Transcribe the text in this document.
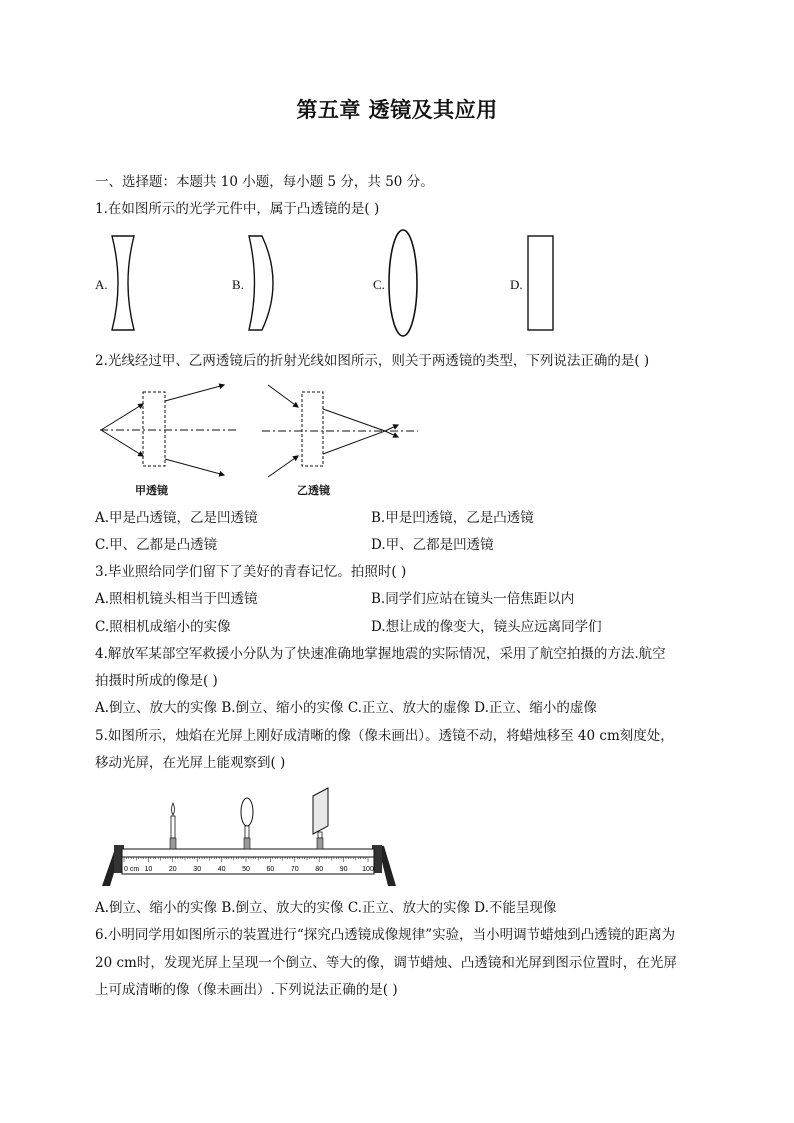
第五章 透镜及其应用
一、选择题：本题共 10 小题，每小题 5 分，共 50 分。
1.在如图所示的光学元件中，属于凸透镜的是( )
A.	B.	C.	D.
2.光线经过甲、乙两透镜后的折射光线如图所示，则关于两透镜的类型，下列说法正确的是( )
甲透镜	乙透镜
A.甲是凸透镜，乙是凹透镜	B.甲是凹透镜，乙是凸透镜
C.甲、乙都是凸透镜	D.甲、乙都是凹透镜
3.毕业照给同学们留下了美好的青春记忆。拍照时( )
A.照相机镜头相当于凹透镜	B.同学们应站在镜头一倍焦距以内
C.照相机成缩小的实像	D.想让成的像变大，镜头应远离同学们
4.解放军某部空军救援小分队为了快速准确地掌握地震的实际情况，采用了航空拍摄的方法.航空
拍摄时所成的像是( )
A.倒立、放大的实像 B.倒立、缩小的实像 C.正立、放大的虚像 D.正立、缩小的虚像
5.如图所示，烛焰在光屏上刚好成清晰的像（像未画出）。透镜不动，将蜡烛移至 40 cm刻度处，
移动光屏，在光屏上能观察到( )
0 cm 10 20 30 40 50 60 70 80 90 100
A.倒立、缩小的实像 B.倒立、放大的实像 C.正立、放大的实像 D.不能呈现像
6.小明同学用如图所示的装置进行“探究凸透镜成像规律”实验，当小明调节蜡烛到凸透镜的距离为
20 cm时，发现光屏上呈现一个倒立、等大的像，调节蜡烛、凸透镜和光屏到图示位置时，在光屏
上可成清晰的像（像未画出）.下列说法正确的是( )
